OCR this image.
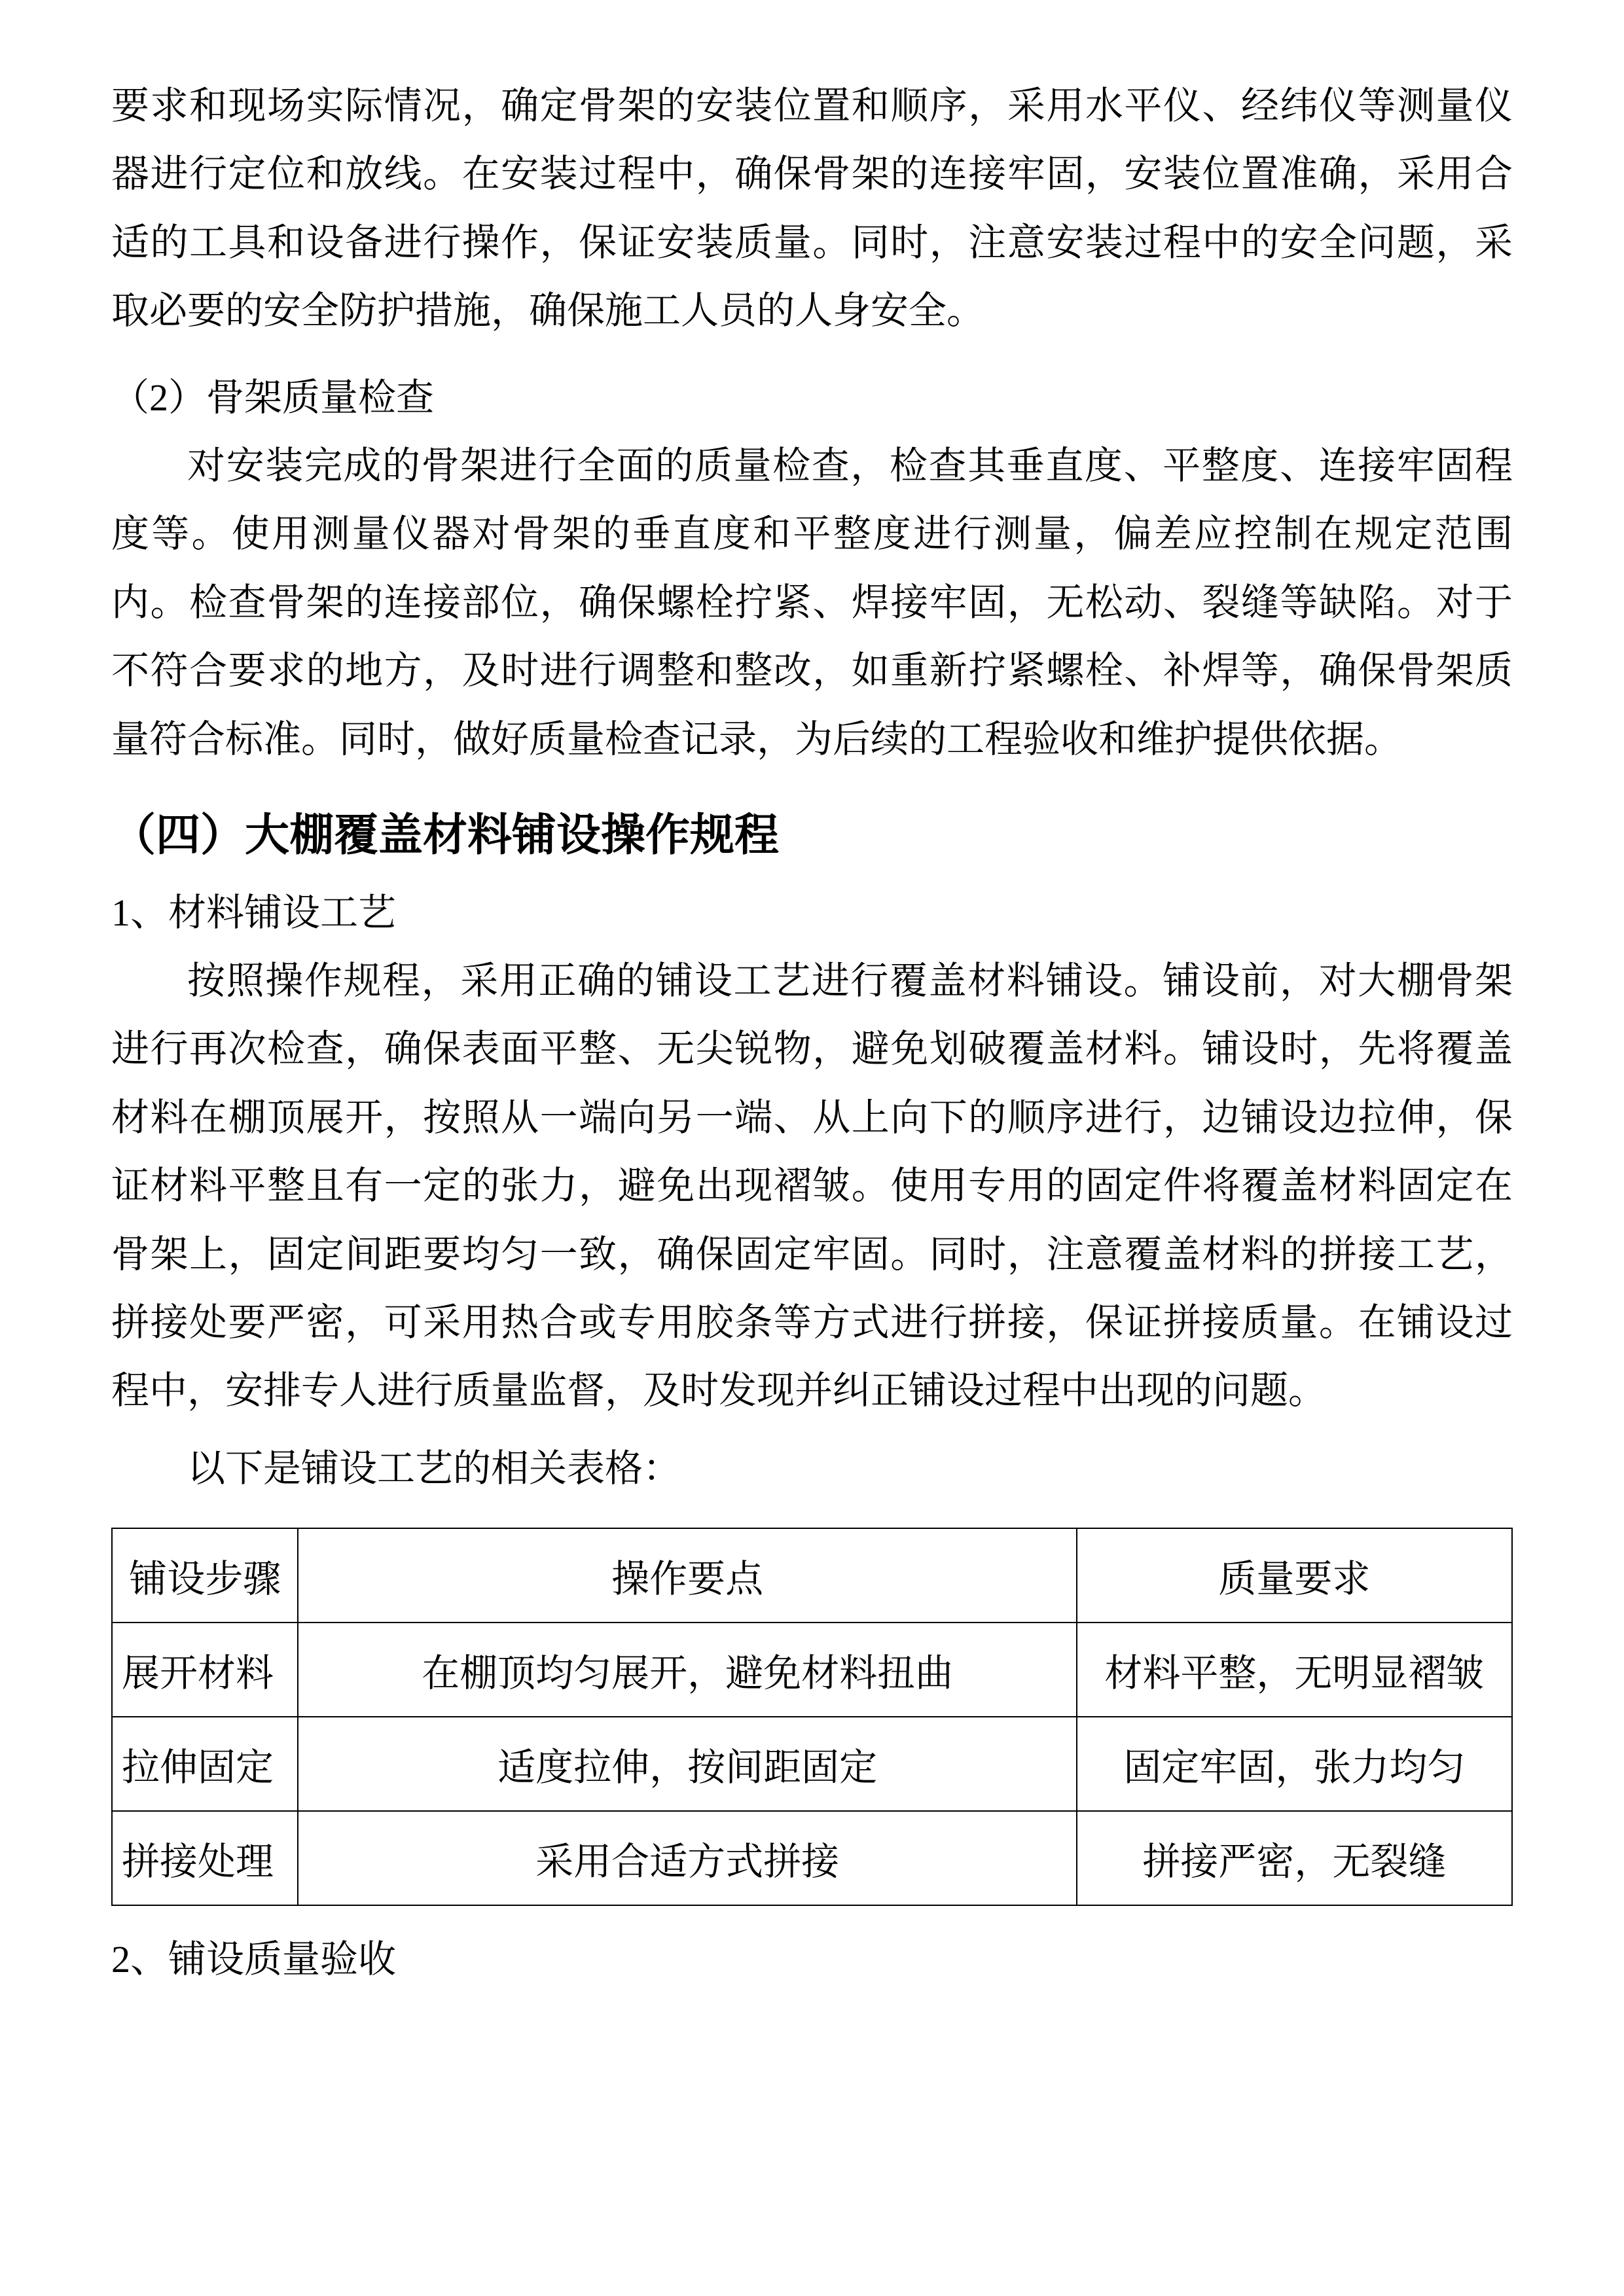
要求和现场实际情况，确定骨架的安装位置和顺序，采用水平仪、经纬仪等测量仪器进行定位和放线。在安装过程中，确保骨架的连接牢固，安装位置准确，采用合适的工具和设备进行操作，保证安装质量。同时，注意安装过程中的安全问题，采取必要的安全防护措施，确保施工人员的人身安全。

（2）骨架质量检查

对安装完成的骨架进行全面的质量检查，检查其垂直度、平整度、连接牢固程度等。使用测量仪器对骨架的垂直度和平整度进行测量，偏差应控制在规定范围内。检查骨架的连接部位，确保螺栓拧紧、焊接牢固，无松动、裂缝等缺陷。对于不符合要求的地方，及时进行调整和整改，如重新拧紧螺栓、补焊等，确保骨架质量符合标准。同时，做好质量检查记录，为后续的工程验收和维护提供依据。

（四）大棚覆盖材料铺设操作规程

1、材料铺设工艺

按照操作规程，采用正确的铺设工艺进行覆盖材料铺设。铺设前，对大棚骨架进行再次检查，确保表面平整、无尖锐物，避免划破覆盖材料。铺设时，先将覆盖材料在棚顶展开，按照从一端向另一端、从上向下的顺序进行，边铺设边拉伸，保证材料平整且有一定的张力，避免出现褶皱。使用专用的固定件将覆盖材料固定在骨架上，固定间距要均匀一致，确保固定牢固。同时，注意覆盖材料的拼接工艺，拼接处要严密，可采用热合或专用胶条等方式进行拼接，保证拼接质量。在铺设过程中，安排专人进行质量监督，及时发现并纠正铺设过程中出现的问题。

以下是铺设工艺的相关表格：

铺设步骤	操作要点	质量要求
展开材料	在棚顶均匀展开，避免材料扭曲	材料平整，无明显褶皱
拉伸固定	适度拉伸，按间距固定	固定牢固，张力均匀
拼接处理	采用合适方式拼接	拼接严密，无裂缝

2、铺设质量验收
